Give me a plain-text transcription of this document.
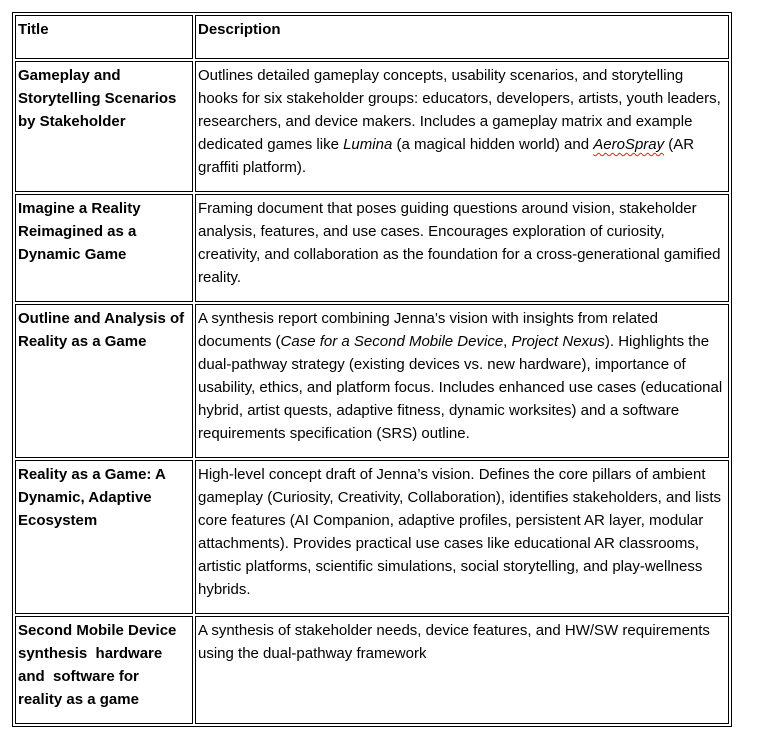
Title	Description
Gameplay and Storytelling Scenarios by Stakeholder	Outlines detailed gameplay concepts, usability scenarios, and storytelling hooks for six stakeholder groups: educators, developers, artists, youth leaders, researchers, and device makers. Includes a gameplay matrix and example dedicated games like Lumina (a magical hidden world) and AeroSpray (AR graffiti platform).
Imagine a Reality Reimagined as a Dynamic Game	Framing document that poses guiding questions around vision, stakeholder analysis, features, and use cases. Encourages exploration of curiosity, creativity, and collaboration as the foundation for a cross-generational gamified reality.
Outline and Analysis of Reality as a Game	A synthesis report combining Jenna’s vision with insights from related documents (Case for a Second Mobile Device, Project Nexus). Highlights the dual-pathway strategy (existing devices vs. new hardware), importance of usability, ethics, and platform focus. Includes enhanced use cases (educational hybrid, artist quests, adaptive fitness, dynamic worksites) and a software requirements specification (SRS) outline.
Reality as a Game: A Dynamic, Adaptive Ecosystem	High-level concept draft of Jenna’s vision. Defines the core pillars of ambient gameplay (Curiosity, Creativity, Collaboration), identifies stakeholders, and lists core features (AI Companion, adaptive profiles, persistent AR layer, modular attachments). Provides practical use cases like educational AR classrooms, artistic platforms, scientific simulations, social storytelling, and play-wellness hybrids.
Second Mobile Device
synthesis  hardware
and  software for
reality as a game	A synthesis of stakeholder needs, device features, and HW/SW requirements using the dual-pathway framework
